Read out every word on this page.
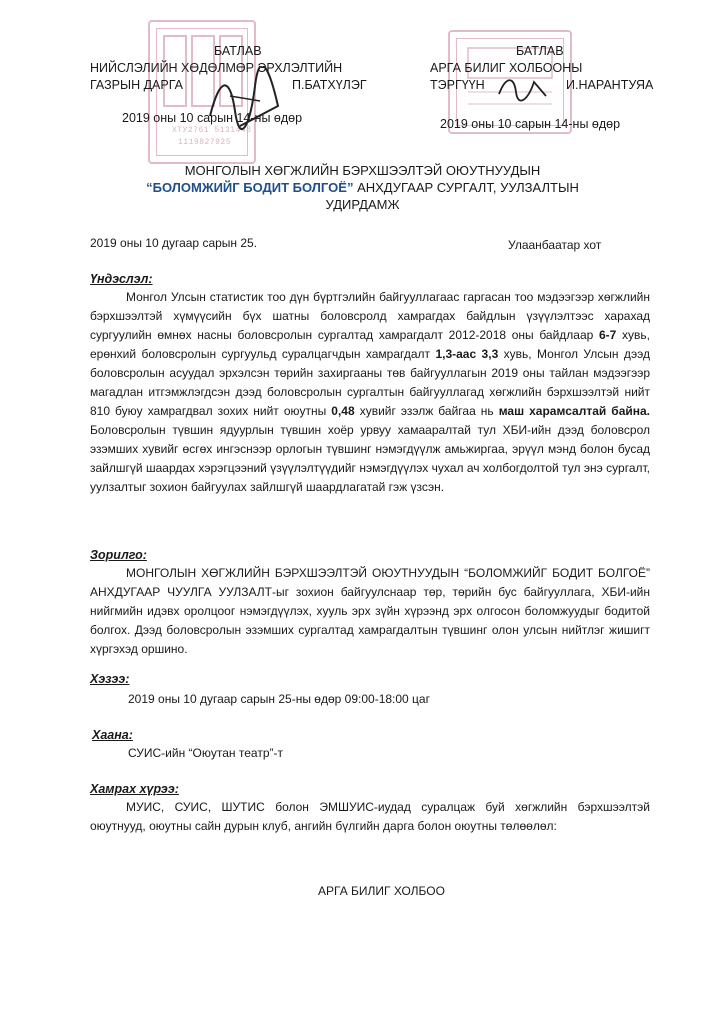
ХТУ2761 5131448
1119827925
БАТЛАВ
НИЙСЛЭЛИЙН ХӨДӨЛМӨР ЭРХЛЭЛТИЙН
ГАЗРЫН ДАРГА	П.БАТХҮЛЭГ
2019 оны 10 сарын 14-ны өдөр
БАТЛАВ
АРГА БИЛИГ ХОЛБООНЫ
ТЭРГҮҮН	И.НАРАНТУЯА
2019 оны 10 сарын 14-ны өдөр
МОНГОЛЫН ХӨГЖЛИЙН БЭРХШЭЭЛТЭЙ ОЮУТНУУДЫН
“БОЛОМЖИЙГ БОДИТ БОЛГОЁ” АНХДУГААР СУРГАЛТ, УУЛЗАЛТЫН
УДИРДАМЖ
2019 оны 10 дугаар сарын 25.	Улаанбаатар хот
Үндэслэл:
Монгол Улсын статистик тоо дүн бүртгэлийн байгууллагаас гаргасан тоо мэдээгээр хөгжлийн бэрхшээлтэй хүмүүсийн бүх шатны боловсролд хамрагдах байдлын үзүүлэлтээс харахад сургуулийн өмнөх насны боловсролын сургалтад хамрагдалт 2012-2018 оны байдлаар 6-7 хувь, ерөнхий боловсролын сургуульд суралцагчдын хамрагдалт 1,3-аас 3,3 хувь, Монгол Улсын дээд боловсролын асуудал эрхэлсэн төрийн захиргааны төв байгууллагын 2019 оны тайлан мэдээгээр магадлан итгэмжлэгдсэн дээд боловсролын сургалтын байгууллагад хөгжлийн бэрхшээлтэй нийт 810 буюу хамрагдвал зохих нийт оюутны 0,48 хувийг эзэлж байгаа нь маш харамсалтай байна. Боловсролын түвшин ядуурлын түвшин хоёр урвуу хамааралтай тул ХБИ-ийн дээд боловсрол эзэмших хувийг өсгөх ингэснээр орлогын түвшинг нэмэгдүүлж амьжиргаа, эрүүл мэнд болон бусад зайлшгүй шаардах хэрэгцээний үзүүлэлтүүдийг нэмэгдүүлэх чухал ач холбогдолтой тул энэ сургалт, уулзалтыг зохион байгуулах зайлшгүй шаардлагатай гэж үзсэн.
Зорилго:
МОНГОЛЫН ХӨГЖЛИЙН БЭРХШЭЭЛТЭЙ ОЮУТНУУДЫН “БОЛОМЖИЙГ БОДИТ БОЛГОЁ” АНХДУГААР ЧУУЛГА УУЛЗАЛТ-ыг зохион байгуулснаар төр, төрийн бус байгууллага, ХБИ-ийн нийгмийн идэвх оролцоог нэмэгдүүлэх, хууль эрх зүйн хүрээнд эрх олгосон боломжуудыг бодитой болгох. Дээд боловсролын эзэмших сургалтад хамрагдалтын түвшинг олон улсын нийтлэг жишигт хүргэхэд оршино.
Хэзээ:
2019 оны 10 дугаар сарын 25-ны өдөр 09:00-18:00 цаг
Хаана:
СУИС-ийн “Оюутан театр”-т
Хамрах хүрээ:
МУИС, СУИС, ШУТИС болон ЭМШУИС-иудад суралцаж буй хөгжлийн бэрхшээлтэй оюутнууд, оюутны сайн дурын клуб, ангийн бүлгийн дарга болон оюутны төлөөлөл:
АРГА БИЛИГ ХОЛБОО
